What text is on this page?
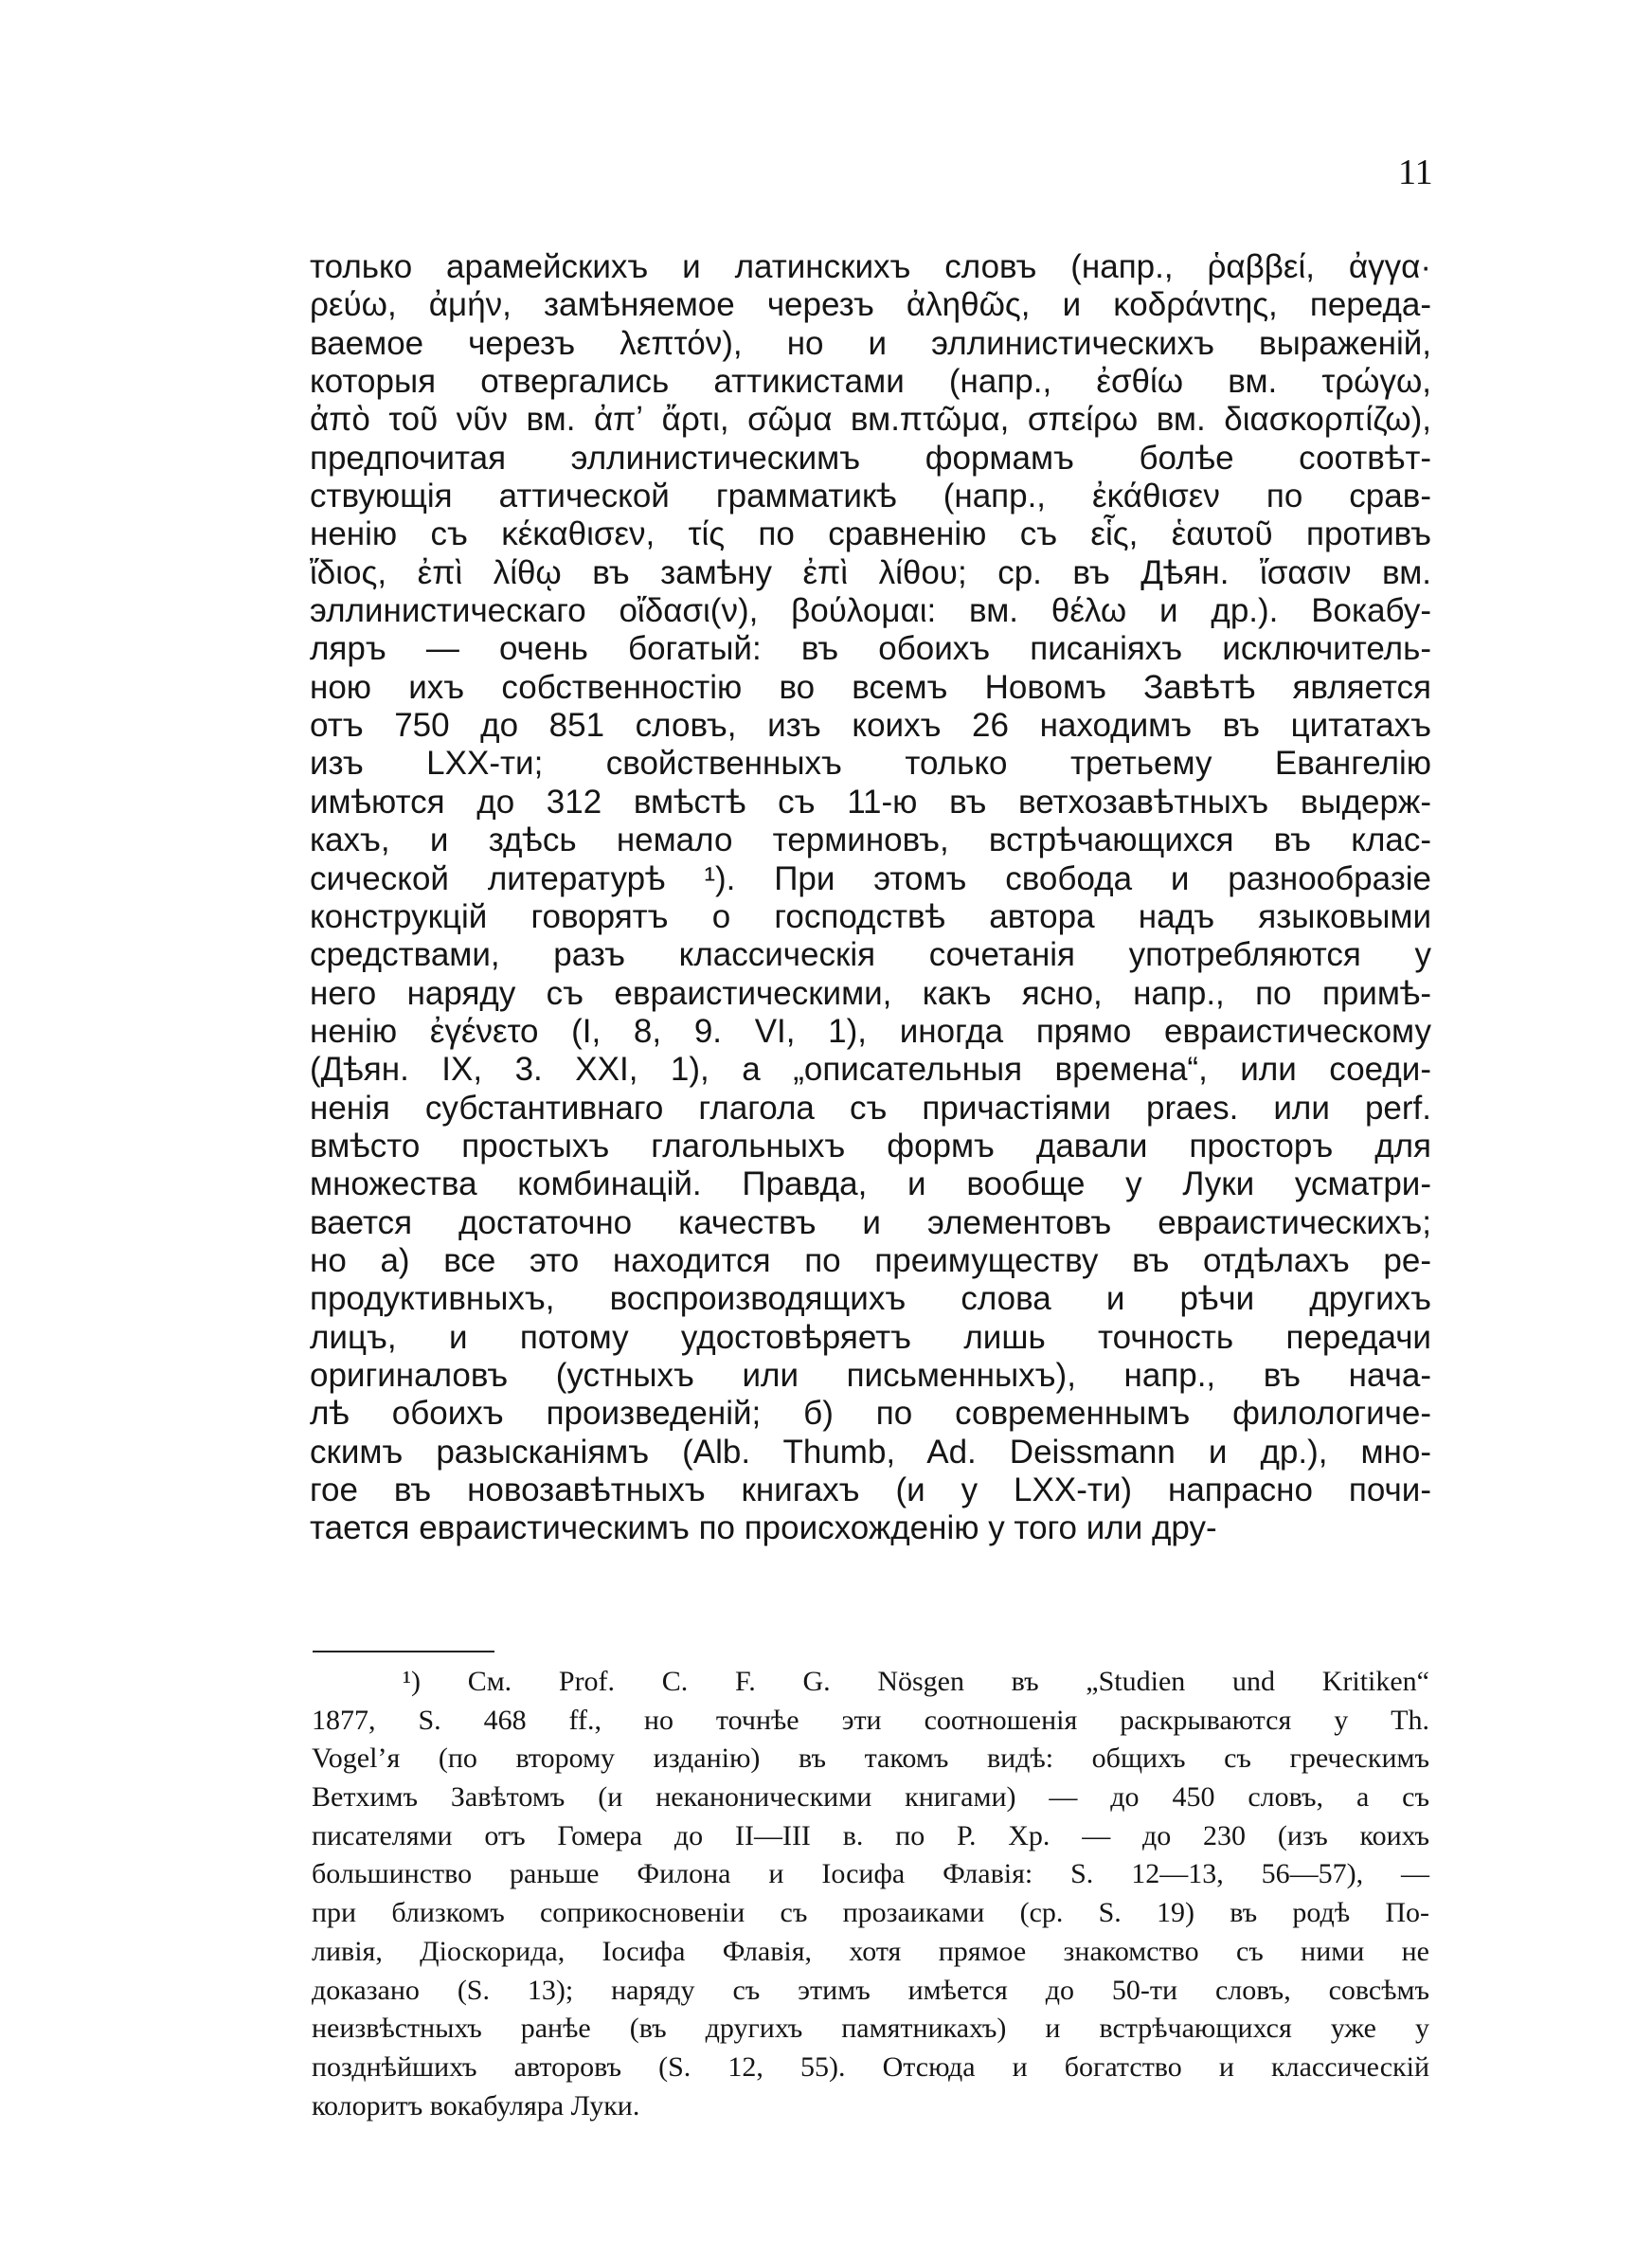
11
только арамейскихъ и латинскихъ словъ (напр., ῥαββεί, ἀγγα·
ρεύω, ἀμήν, замѣняемое черезъ ἀληθῶς, и κοδράντης, переда-
ваемое черезъ λεπτόν), но и эллинистическихъ выраженій,
которыя отвергались аттикистами (напр., ἐσθίω вм. τρώγω,
ἀπὸ τοῦ νῦν вм. ἀπʼ ἄρτι, σῶμα вм.πτῶμα, σπείρω вм. διασκορπίζω),
предпочитая эллинистическимъ формамъ болѣе соотвѣт-
ствующія аттической грамматикѣ (напр., ἐκάθισεν по срав-
ненію съ κέκαθισεν, τίς по сравненію съ εἷς, ἑαυτοῦ противъ
ἴδιος, ἐπὶ λίθῳ въ замѣну ἐπὶ λίθου; ср. въ Дѣян. ἴσασιν вм.
эллинистическаго οἴδασι(ν), βούλομαι: вм. θέλω и др.). Вокабу-
ляръ — очень богатый: въ обоихъ писаніяхъ исключитель-
ною ихъ собственностію во всемъ Новомъ Завѣтѣ является
отъ 750 до 851 словъ, изъ коихъ 26 находимъ въ цитатахъ
изъ LXX-ти; свойственныхъ только третьему Евангелію
имѣются до 312 вмѣстѣ съ 11-ю въ ветхозавѣтныхъ выдерж-
кахъ, и здѣсь немало терминовъ, встрѣчающихся въ клас-
сической литературѣ ¹). При этомъ свобода и разнообразіе
конструкцій говорятъ о господствѣ автора надъ языковыми
средствами, разъ классическія сочетанія употребляются у
него наряду съ евраистическими, какъ ясно, напр., по примѣ-
ненію ἐγένετο (I, 8, 9. VI, 1), иногда прямо евраистическому
(Дѣян. IX, 3. XXI, 1), а „описательныя времена“, или соеди-
ненія субстантивнаго глагола съ причастіями praes. или perf.
вмѣсто простыхъ глагольныхъ формъ давали просторъ для
множества комбинацій. Правда, и вообще у Луки усматри-
вается достаточно качествъ и элементовъ евраистическихъ;
но а) все это находится по преимуществу въ отдѣлахъ ре-
продуктивныхъ, воспроизводящихъ слова и рѣчи другихъ
лицъ, и потому удостовѣряетъ лишь точность передачи
оригиналовъ (устныхъ или письменныхъ), напр., въ нача-
лѣ обоихъ произведеній; б) по современнымъ филологиче-
скимъ разысканіямъ (Alb. Thumb, Ad. Deissmann и др.), мно-
гое въ новозавѣтныхъ книгахъ (и у LXX-ти) напрасно почи-
тается евраистическимъ по происхожденію у того или дру-
¹) См. Prof. C. F. G. Nösgen въ „Studien und Kritiken“
1877, S. 468 ff., но точнѣе эти соотношенія раскрываются у Th.
Vogel’я (по второму изданію) въ такомъ видѣ: общихъ съ греческимъ
Ветхимъ Завѣтомъ (и неканоническими книгами) — до 450 словъ, а съ
писателями отъ Гомера до II—III в. по Р. Хр. — до 230 (изъ коихъ
большинство раньше Филона и Іосифа Флавія: S. 12—13, 56—57), —
при близкомъ соприкосновеніи съ прозаиками (ср. S. 19) въ родѣ По-
ливія, Діоскорида, Іосифа Флавія, хотя прямое знакомство съ ними не
доказано (S. 13); наряду съ этимъ имѣется до 50-ти словъ, совсѣмъ
неизвѣстныхъ ранѣе (въ другихъ памятникахъ) и встрѣчающихся уже у
позднѣйшихъ авторовъ (S. 12, 55). Отсюда и богатство и классическій
колоритъ вокабуляра Луки.
